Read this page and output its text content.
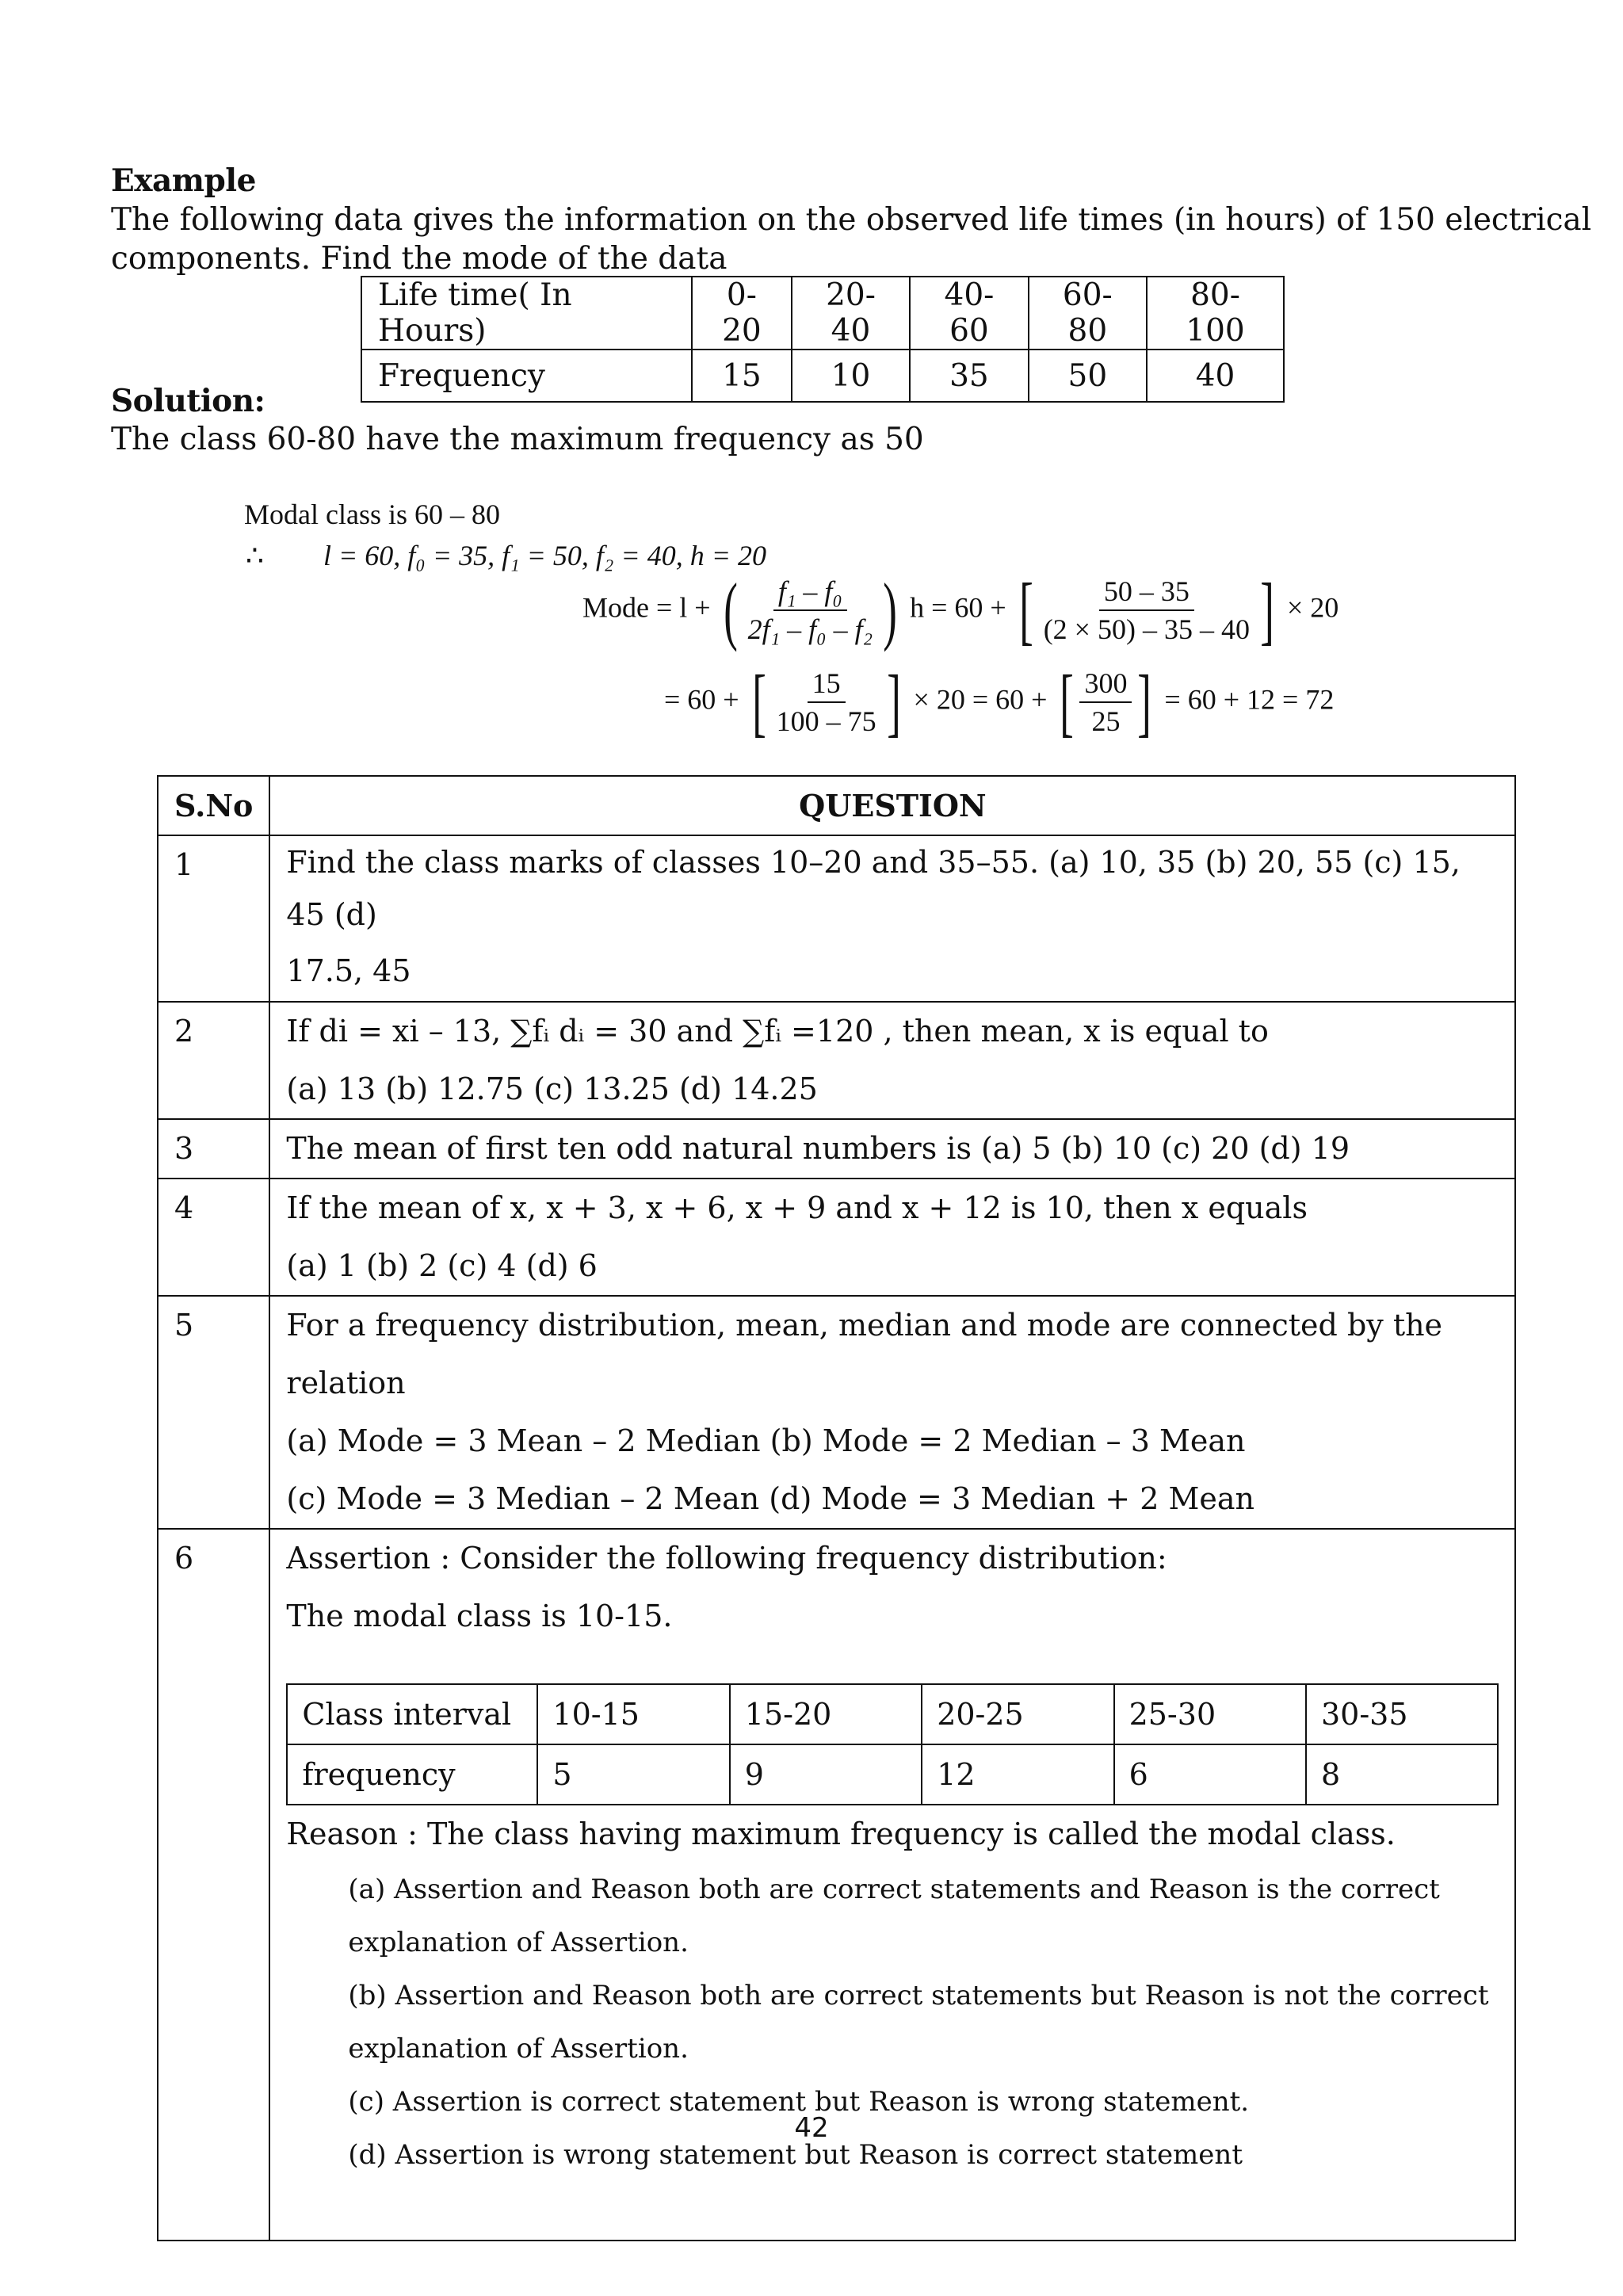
Example
The following data gives the information on the observed life times (in hours) of 150 electrical
components. Find the mode of the data
Life time( In Hours)	0-20	20-40	40-60	60-80	80-100
Frequency	15	10	35	50	40
Solution:
The class 60-80 have the maximum frequency as 50
Modal class is 60 – 80
∴ l = 60, f₀ = 35, f₁ = 50, f₂ = 40, h = 20
Mode = l + ( $\frac{\text{f₁ – f₀}}{\text{2f₁ – f₀ – f₂}}$ ) h = 60 + [ $\frac{50 - 35}{(2 \times 50) - 35 - 40}$ ] × 20
= 60 + [ $\frac{15}{100 - 75}$ ] × 20 = 60 + [ $\frac{300}{25}$ ] = 60 + 12 = 72
S.No	QUESTION
1	Find the class marks of classes 10–20 and 35–55. (a) 10, 35 (b) 20, 55 (c) 15, 45 (d)
17.5, 45

2	If di = xi – 13, ∑fᵢ dᵢ = 30 and ∑fᵢ =120 , then mean, x is equal to
(a) 13 (b) 12.75 (c) 13.25 (d) 14.25

3	The mean of first ten odd natural numbers is (a) 5 (b) 10 (c) 20 (d) 19

4	If the mean of x, x + 3, x + 6, x + 9 and x + 12 is 10, then x equals
(a) 1 (b) 2 (c) 4 (d) 6

5	For a frequency distribution, mean, median and mode are connected by the relation
(a) Mode = 3 Mean – 2 Median (b) Mode = 2 Median – 3 Mean
(c) Mode = 3 Median – 2 Mean (d) Mode = 3 Median + 2 Mean

6	Assertion : Consider the following frequency distribution:
The modal class is 10-15.
Class interval	10-15	15-20	20-25	25-30	30-35
frequency	5	9	12	6	8
Reason : The class having maximum frequency is called the modal class.
(a) Assertion and Reason both are correct statements and Reason is the correct
explanation of Assertion.
(b) Assertion and Reason both are correct statements but Reason is not the correct
explanation of Assertion.
(c) Assertion is correct statement but Reason is wrong statement.
(d) Assertion is wrong statement but Reason is correct statement
42
